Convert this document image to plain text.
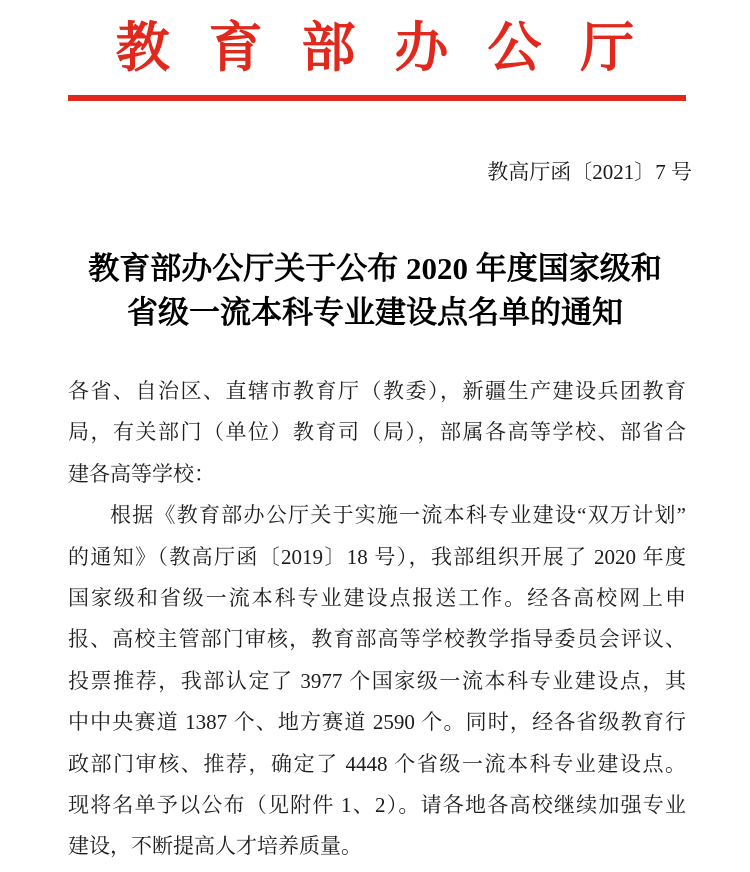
教育部办公厅
教高厅函〔2021〕7 号
教育部办公厅关于公布 2020 年度国家级和
省级一流本科专业建设点名单的通知
各省、自治区、直辖市教育厅（教委），新疆生产建设兵团教育
局，有关部门（单位）教育司（局），部属各高等学校、部省合
建各高等学校：
根据《教育部办公厅关于实施一流本科专业建设“双万计划”
的通知》（教高厅函〔2019〕18 号），我部组织开展了 2020 年度
国家级和省级一流本科专业建设点报送工作。经各高校网上申
报、高校主管部门审核，教育部高等学校教学指导委员会评议、
投票推荐，我部认定了 3977 个国家级一流本科专业建设点，其
中中央赛道 1387 个、地方赛道 2590 个。同时，经各省级教育行
政部门审核、推荐，确定了 4448 个省级一流本科专业建设点。
现将名单予以公布（见附件 1、2）。请各地各高校继续加强专业
建设，不断提高人才培养质量。
